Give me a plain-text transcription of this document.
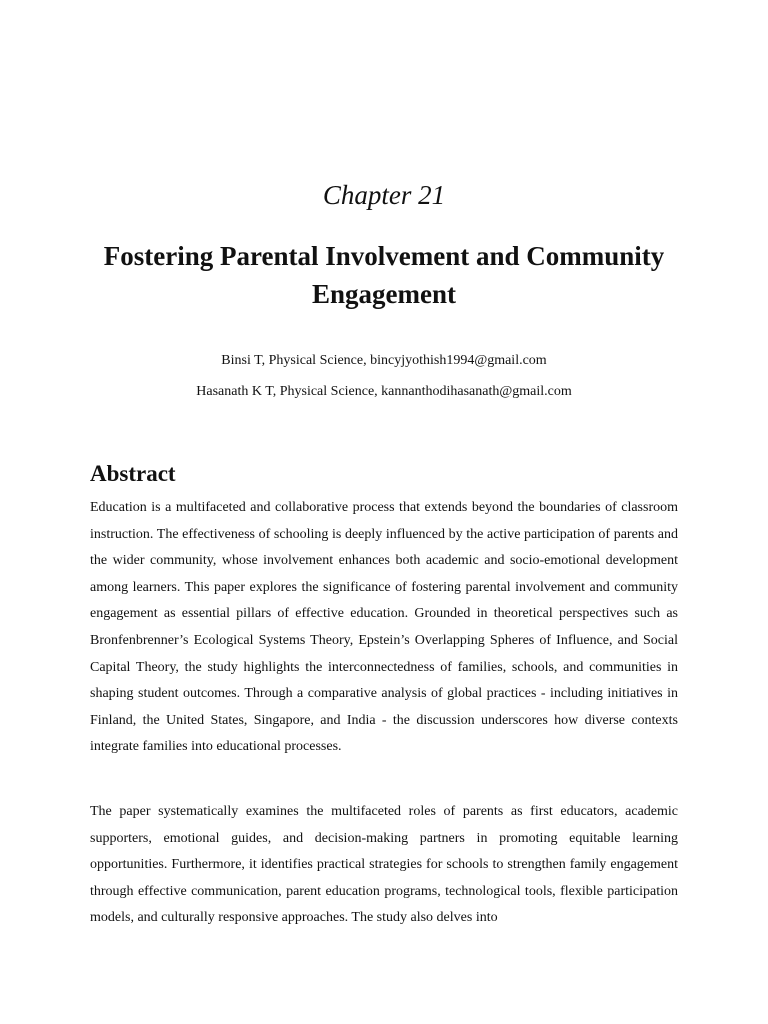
Chapter 21
Fostering Parental Involvement and Community Engagement
Binsi T, Physical Science, bincyjyothish1994@gmail.com
Hasanath K T, Physical Science, kannanthodihasanath@gmail.com
Abstract

Education is a multifaceted and collaborative process that extends beyond the boundaries of classroom instruction. The effectiveness of schooling is deeply influenced by the active participation of parents and the wider community, whose involvement enhances both academic and socio-emotional development among learners. This paper explores the significance of fostering parental involvement and community engagement as essential pillars of effective education. Grounded in theoretical perspectives such as Bronfenbrenner’s Ecological Systems Theory, Epstein’s Overlapping Spheres of Influence, and Social Capital Theory, the study highlights the interconnectedness of families, schools, and communities in shaping student outcomes. Through a comparative analysis of global practices - including initiatives in Finland, the United States, Singapore, and India - the discussion underscores how diverse contexts integrate families into educational processes.

The paper systematically examines the multifaceted roles of parents as first educators, academic supporters, emotional guides, and decision-making partners in promoting equitable learning opportunities. Furthermore, it identifies practical strategies for schools to strengthen family engagement through effective communication, parent education programs, technological tools, flexible participation models, and culturally responsive approaches. The study also delves into
